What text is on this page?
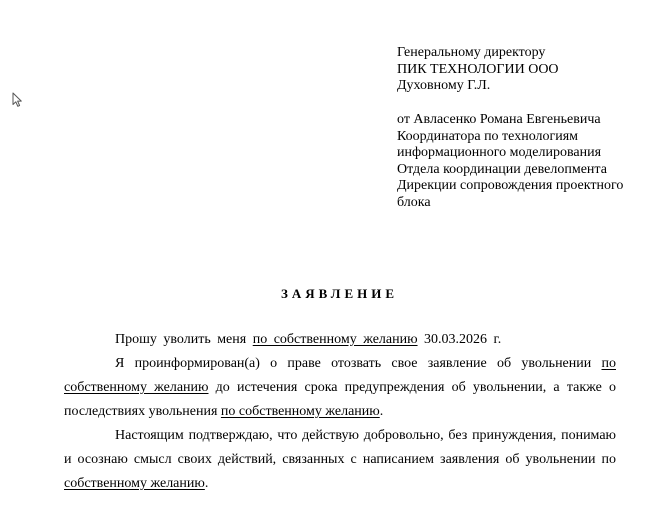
Генеральному директору
ПИК ТЕХНОЛОГИИ ООО
Духовному Г.Л.
от Авласенко Романа Евгеньевича
Координатора по технологиям
информационного моделирования
Отдела координации девелопмента
Дирекции сопровождения проектного
блока
ЗАЯВЛЕНИЕ

Прошу уволить меня по собственному желанию 30.03.2026 г.

Я проинформирован(а) о праве отозвать свое заявление об увольнении по собственному желанию до истечения срока предупреждения об увольнении, а также о последствиях увольнения по собственному желанию.

Настоящим подтверждаю, что действую добровольно, без принуждения, понимаю и осознаю смысл своих действий, связанных с написанием заявления об увольнении по собственному желанию.
